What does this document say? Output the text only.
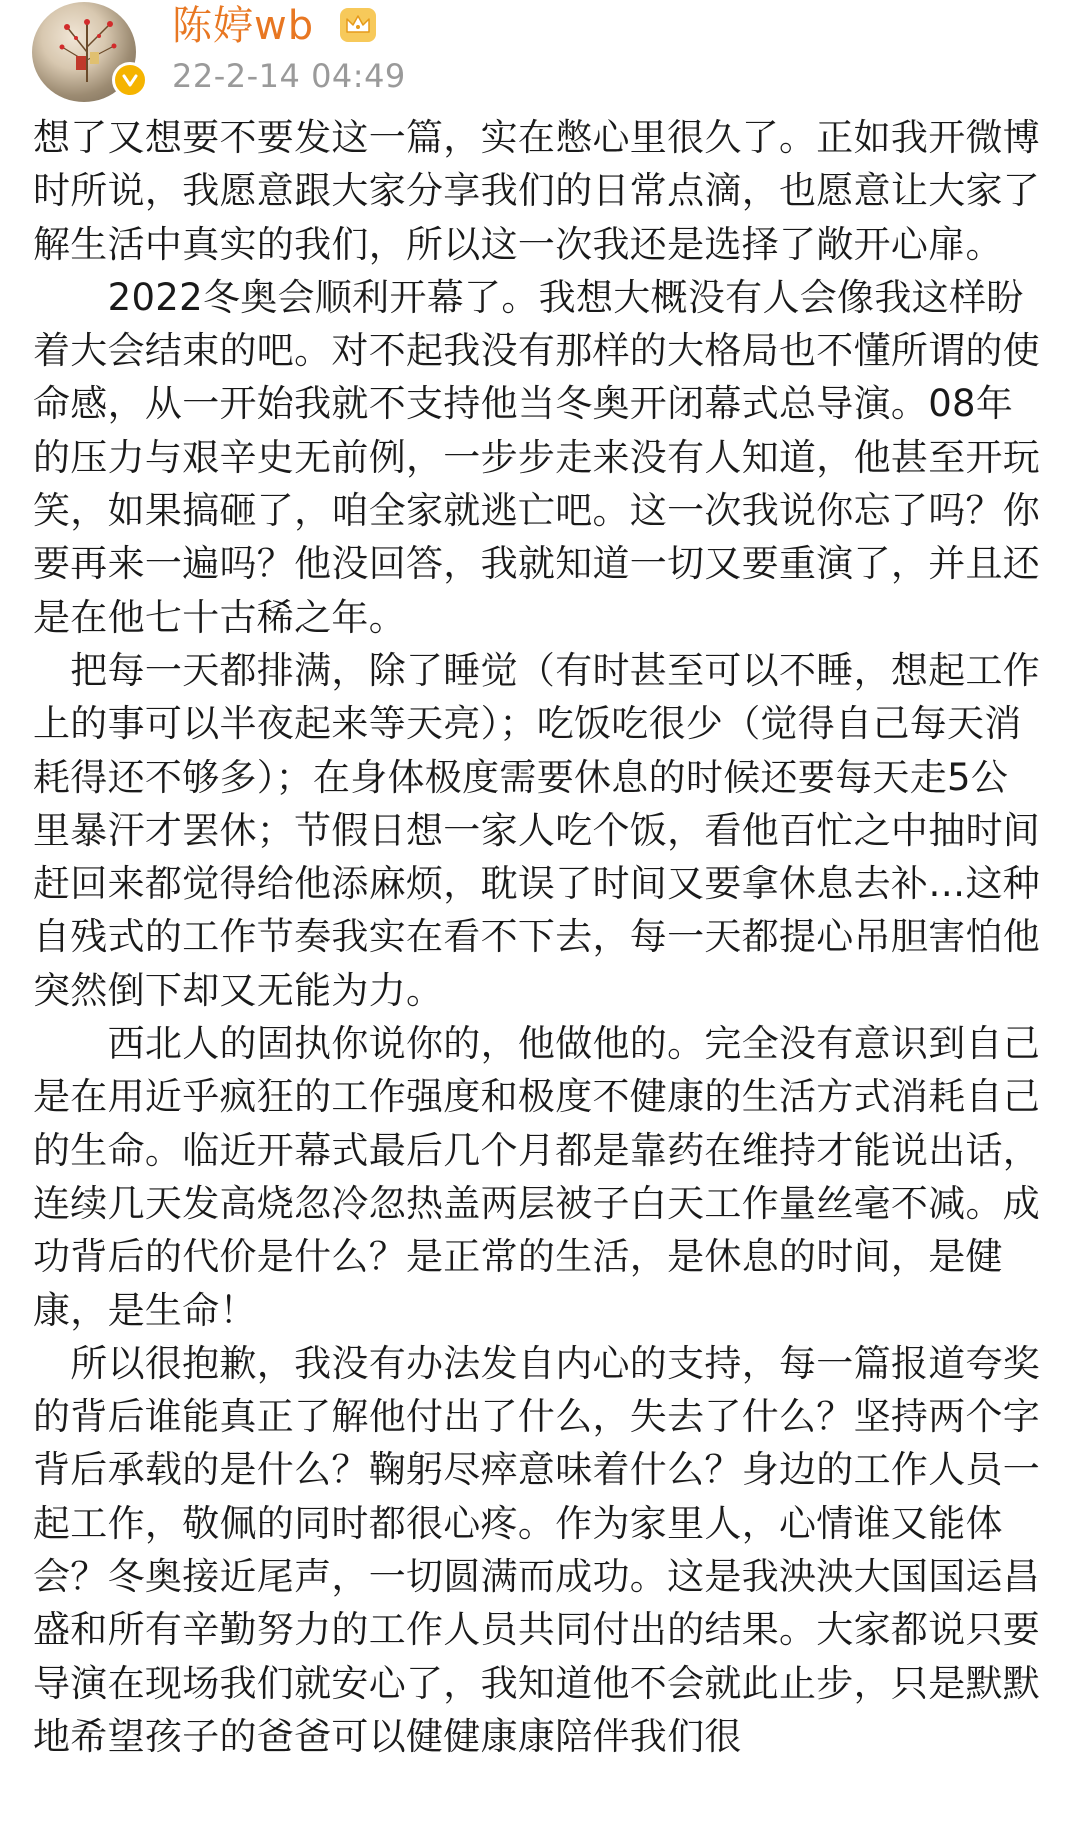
陈婷wb
22-2-14 04:49

想了又想要不要发这一篇，实在憋心里很久了。正如我开微博时所说，我愿意跟大家分享我们的日常点滴，也愿意让大家了解生活中真实的我们，所以这一次我还是选择了敞开心扉。

　　2022冬奥会顺利开幕了。我想大概没有人会像我这样盼着大会结束的吧。对不起我没有那样的大格局也不懂所谓的使命感，从一开始我就不支持他当冬奥开闭幕式总导演。08年的压力与艰辛史无前例，一步步走来没有人知道，他甚至开玩笑，如果搞砸了，咱全家就逃亡吧。这一次我说你忘了吗？你要再来一遍吗？他没回答，我就知道一切又要重演了，并且还是在他七十古稀之年。

　把每一天都排满，除了睡觉（有时甚至可以不睡，想起工作上的事可以半夜起来等天亮）；吃饭吃很少（觉得自己每天消耗得还不够多）；在身体极度需要休息的时候还要每天走5公里暴汗才罢休；节假日想一家人吃个饭，看他百忙之中抽时间赶回来都觉得给他添麻烦，耽误了时间又要拿休息去补…这种自残式的工作节奏我实在看不下去，每一天都提心吊胆害怕他突然倒下却又无能为力。

　　西北人的固执你说你的，他做他的。完全没有意识到自己是在用近乎疯狂的工作强度和极度不健康的生活方式消耗自己的生命。临近开幕式最后几个月都是靠药在维持才能说出话，连续几天发高烧忽冷忽热盖两层被子白天工作量丝毫不减。成功背后的代价是什么？是正常的生活，是休息的时间，是健康，是生命！

　所以很抱歉，我没有办法发自内心的支持，每一篇报道夸奖的背后谁能真正了解他付出了什么，失去了什么？坚持两个字背后承载的是什么？鞠躬尽瘁意味着什么？身边的工作人员一起工作，敬佩的同时都很心疼。作为家里人，心情谁又能体会？冬奥接近尾声，一切圆满而成功。这是我泱泱大国国运昌盛和所有辛勤努力的工作人员共同付出的结果。大家都说只要导演在现场我们就安心了，我知道他不会就此止步，只是默默地希望孩子的爸爸可以健健康康陪伴我们很
